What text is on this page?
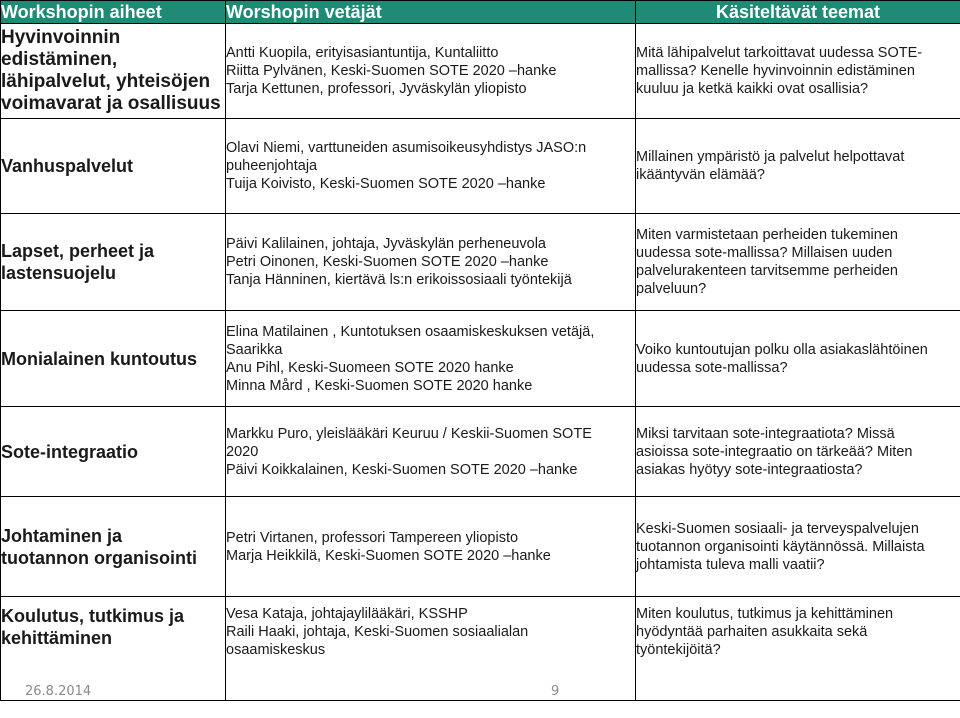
Workshopin aiheet	Worshopin vetäjät	Käsiteltävät teemat

Hyvinvoinnin
edistäminen,
lähipalvelut, yhteisöjen
voimavarat ja osallisuus	Antti Kuopila, erityisasiantuntija, Kuntaliitto
Riitta Pylvänen, Keski-Suomen SOTE 2020 –hanke
Tarja Kettunen, professori, Jyväskylän yliopisto	Mitä lähipalvelut tarkoittavat uudessa SOTE-
mallissa? Kenelle hyvinvoinnin edistäminen
kuuluu ja ketkä kaikki ovat osallisia?

Vanhuspalvelut	Olavi Niemi, varttuneiden asumisoikeusyhdistys JASO:n
puheenjohtaja
Tuija Koivisto, Keski-Suomen SOTE 2020 –hanke	Millainen ympäristö ja palvelut helpottavat
ikääntyvän elämää?

Lapset, perheet ja
lastensuojelu	Päivi Kalilainen, johtaja, Jyväskylän perheneuvola
Petri Oinonen, Keski-Suomen SOTE 2020 –hanke
Tanja Hänninen, kiertävä ls:n erikoissosiaali työntekijä	Miten varmistetaan perheiden tukeminen
uudessa sote-mallissa? Millaisen uuden
palvelurakenteen tarvitsemme perheiden
palveluun?

Monialainen kuntoutus	Elina Matilainen , Kuntotuksen osaamiskeskuksen vetäjä,
Saarikka
Anu Pihl, Keski-Suomeen SOTE 2020 hanke
Minna Mård , Keski-Suomen SOTE 2020 hanke	Voiko kuntoutujan polku olla asiakaslähtöinen
uudessa sote-mallissa?

Sote-integraatio	Markku Puro, yleislääkäri Keuruu / Keskii-Suomen SOTE
2020
Päivi Koikkalainen, Keski-Suomen SOTE 2020 –hanke	Miksi tarvitaan sote-integraatiota? Missä
asioissa sote-integraatio on tärkeää? Miten
asiakas hyötyy sote-integraatiosta?

Johtaminen ja
tuotannon organisointi	Petri Virtanen, professori Tampereen yliopisto
Marja Heikkilä, Keski-Suomen SOTE 2020 –hanke	Keski-Suomen sosiaali- ja terveyspalvelujen
tuotannon organisointi käytännössä. Millaista
johtamista tuleva malli vaatii?

Koulutus, tutkimus ja
kehittäminen	Vesa Kataja, johtajaylilääkäri, KSSHP
Raili Haaki, johtaja, Keski-Suomen sosiaalialan
osaamiskeskus	Miten koulutus, tutkimus ja kehittäminen
hyödyntää parhaiten asukkaita sekä
työntekijöitä?
26.8.2014	9
